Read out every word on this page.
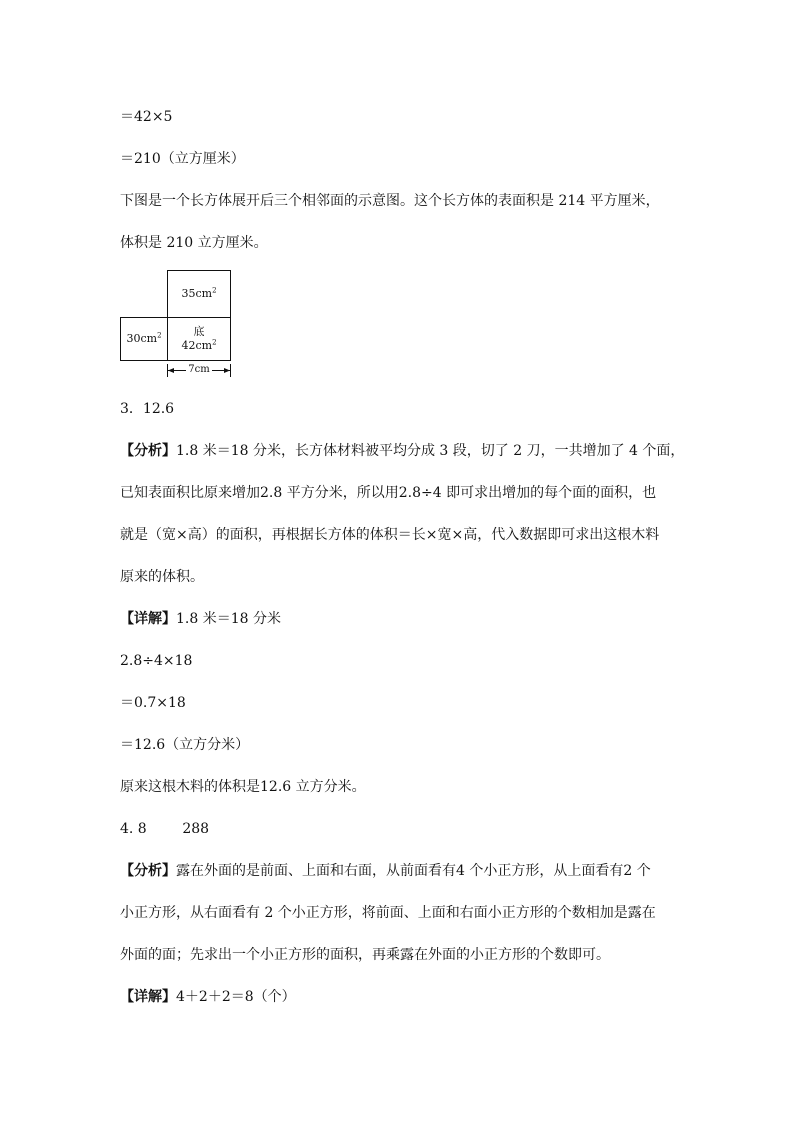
＝42×5
＝210（立方厘米）
下图是一个长方体展开后三个相邻面的示意图。这个长方体的表面积是 214 平方厘米，
体积是 210 立方厘米。
$35cm^2$
$30cm^2$	底
$42cm^2$
7cm
3．12.6
【分析】1.8 米＝18 分米，长方体材料被平均分成 3 段，切了 2 刀，一共增加了 4 个面，
已知表面积比原来增加2.8 平方分米，所以用2.8÷4 即可求出增加的每个面的面积，也
就是（宽×高）的面积，再根据长方体的体积＝长×宽×高，代入数据即可求出这根木料
原来的体积。
【详解】1.8 米＝18 分米
2.8÷4×18
＝0.7×18
＝12.6（立方分米）
原来这根木料的体积是12.6 立方分米。
4. 8        288
【分析】露在外面的是前面、上面和右面，从前面看有4 个小正方形，从上面看有2 个
小正方形，从右面看有 2 个小正方形，将前面、上面和右面小正方形的个数相加是露在
外面的面；先求出一个小正方形的面积，再乘露在外面的小正方形的个数即可。
【详解】4＋2＋2＝8（个）
